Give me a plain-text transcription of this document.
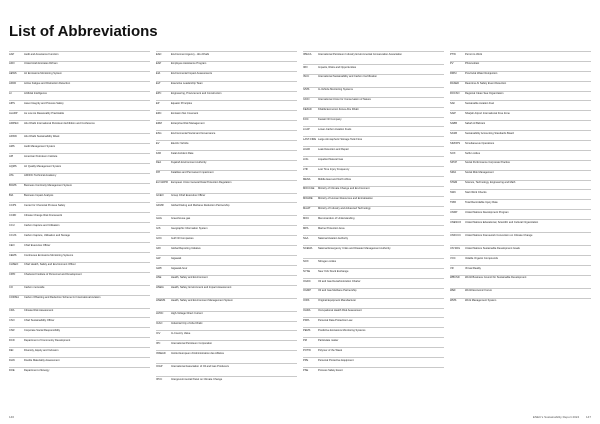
List of Abbreviations
AAP	Audit and Assurance Function
ADO	United Arab Emirates Dirham
AEWS	Air Emissions Monitoring System
AFDD	Active Fatigue and Distraction Detection
AI	Artificial Intelligence
AIPS	Asset Integrity and Process Safety
ALARP	As Low As Reasonably Practicable
ADIPEC	Abu Dhabi International Petroleum Exhibition and Conference
ADSW	Abu Dhabi Sustainability Week
AMS	Audit Management System
API	American Petroleum Institute
AQMS	Air Quality Management System
ATA	ADNOC Technical Academy
BCMS	Business Continuity Management System
BIA	Business Impact Analysis
CCPS	Center for Chemical Process Safety
CCRF	Climate Change Risk Framework
CCU	Carbon Capture and Utilisation
CCUS	Carbon Capture, Utilisation and Storage
CEO	Chief Executive Officer
CEMS	Continuous Emissions Monitoring Systems
CHSEO	Chief Health, Safety and Environment Officer
CIPD	Chartered Institute of Personnel and Development
CO	Carbon monoxide
CORSIA	Carbon Offsetting and Reduction Scheme for International Aviation
CRA	Climate Risk Assessment
CSO	Chief Sustainability Officer
CSR	Corporate Social Responsibility
DCD	Department of Community Development
DEI	Diversity, Equity and Inclusion
DHN	Double Materiality Assessment
DOE	Department of Energy
EAD	Environment Agency - Abu Dhabi
EAP	Employee Assistance Program
EIA	Environmental Impact Assessments
ELT	Executive Leadership Team
EPC	Engineering, Procurement and Construction
EP	Equator Principles
ERC	Emission Net Covenant
ERM	Enterprise Risk Management
ESG	Environmental Social and Governance
EV	Electric Vehicle
FAR	Fatal Accident Rate
FEA	Fujairah Environment Authority
FPI	Fatalities and Permanent Impairment
EU GDPR	European Union General Data Protection Regulation
GCEO	Group Chief Executive Officer
GFMR	Global Flaring and Methane Reduction Partnership
GHG	Greenhouse gas
GIS	Geographic Information System
GOC	Gulf Oil Companies
GRI	Global Reporting Initiative
GW	Gigawatt
GWh	Gigawatt-hour
HSE	Health, Safety and Environment
HSEIA	Health, Safety, Environment and Impact Assessment
HSEMS	Health, Safety and Environment Management System
HVDC	High-Voltage Direct Current
ICAO	Industrial City of Abu Dhabi
ICV	In-Country Value
IPC	International Petroleum Corporation
INSEAD	Institut Europeen d'Administration des Affaires
IOGP	International Association of Oil and Gas Producers
IPCC	Intergovernmental Panel on Climate Change
IPIECA	International Petroleum Industry Environmental Conservation Association
IRO	Impacts, Risks and Opportunities
ISCC	International Sustainability and Carbon Certification
IVMS	In-Vehicle Monitoring Systems
IUCN	International Union for Conservation of Nature
KEZAD	Khalifa Economic Zones Abu Dhabi
KOC	Kuwait Oil Company
LCAP	Lower-Carbon Aviation Fuels
LAST-FIRE Large Atmospheric Storage Tank Fires
LDAR	Leak Detection and Repair
LNG	Liquefied Natural Gas
LTIF	Lost Time Injury Frequency
MENA	Middle East and North Africa
MOCCAE	Ministry of Climate Change and Environment
MOHRE	Ministry of Human Resources and Emiratisation
MoIAT	Ministry of Industry and Advanced Technology
MOU	Memorandum of Understanding
MPA	Marine Protection Area
NAA	National Aviation Authority
NCEMA	National Emergency Crisis and Disaster Management Authority
NOX	Nitrogen oxides
NYSE	New York Stock Exchange
OGDC	Oil and Gas Decarbonization Charter
OGMP	Oil and Gas Methane Partnership
OIDS	Original Equipment Manufacturer
OHRA	Occupational Health Risk Assessment
PDPL	Personal Data Protection Law
PEMS	Predictive Emissions Monitoring Systems
PM	Particulate matter
POTW	Polymer of the Week
PPE	Personal Protective Equipment
PSE	Process Safety Event
PTW	Permit to Work
PV	Photovoltaic
RMSI	Provincial Water Reinjection
RASED	Real-time AI Safety Event Detection
ROCSO	Regional Clean Sea Organization
SAF	Sustainable Aviation Fuel
SAIP	Sharjah Airport International Free Zone
SABB	Sabah Al Bahrani
SASB	Sustainability Accounting Standards Board
SIMOPS	Simultaneous Operations
SOX	Sulfur oxides
SPCP	Social Performance Corporate Practice
SRIA	Social Risk Management
STEM	Science, Technology, Engineering and Math
SWC	Start Work Checks
TRIR	Total Recordable Injury Rate
UNDP	United Nations Development Program
UNESCO	United Nations Educational, Scientific and Cultural Organization
UNFCCC	United Nations Framework Convention on Climate Change
UN SDG	United Nations Sustainable Development Goals
VOC	Volatile Organic Compounds
VR	Virtual Reality
WBCSD	World Business Council for Sustainable Development
WEF	World Economic Forum
WMS	Work Management System
146	ENEC's Sustainability Report 2024 147
